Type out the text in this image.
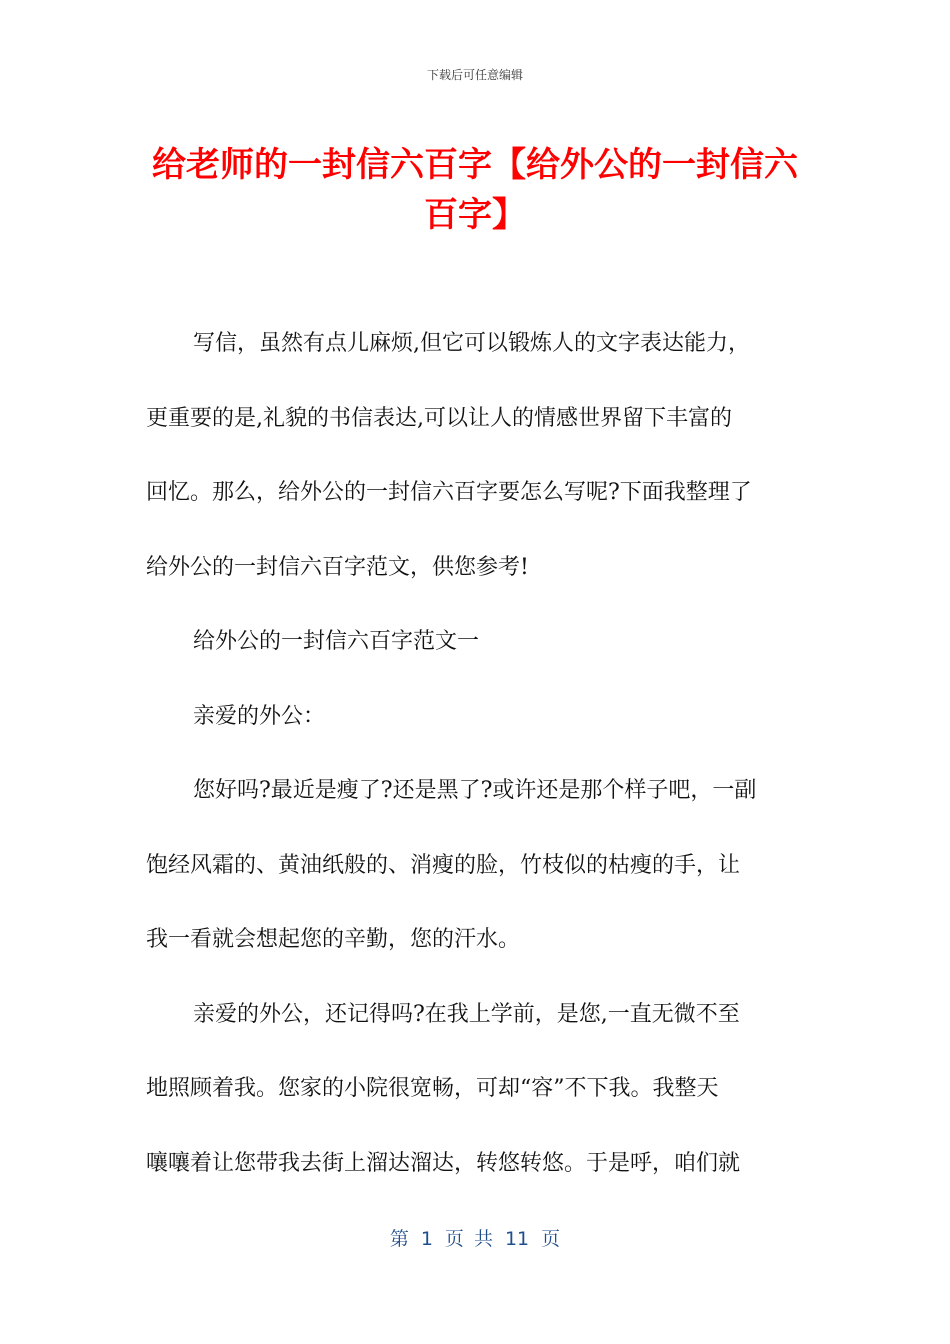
下载后可任意编辑
给老师的一封信六百字【给外公的一封信六百字】
写信，虽然有点儿麻烦,但它可以锻炼人的文字表达能力，
更重要的是,礼貌的书信表达,可以让人的情感世界留下丰富的
回忆。那么，给外公的一封信六百字要怎么写呢?下面我整理了
给外公的一封信六百字范文，供您参考!
给外公的一封信六百字范文一
亲爱的外公：
您好吗?最近是瘦了?还是黑了?或许还是那个样子吧，一副
饱经风霜的、黄油纸般的、消瘦的脸，竹枝似的枯瘦的手，让
我一看就会想起您的辛勤，您的汗水。
亲爱的外公，还记得吗?在我上学前，是您,一直无微不至
地照顾着我。您家的小院很宽畅，可却“容”不下我。我整天
嚷嚷着让您带我去街上溜达溜达，转悠转悠。于是呼，咱们就
第 1 页 共 11 页
